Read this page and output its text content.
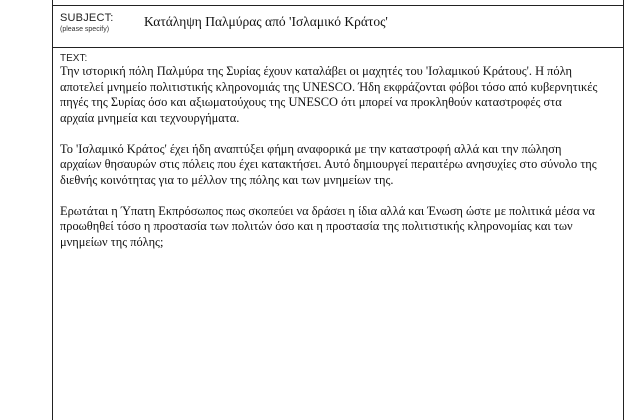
SUBJECT:
(please specify)
Κατάληψη Παλμύρας από 'Ισλαμικό Κράτος'
TEXT:
Την ιστορική πόλη Παλμύρα της Συρίας έχουν καταλάβει οι μαχητές του 'Ισλαμικού Κράτους'. Η πόλη
αποτελεί μνημείο πολιτιστικής κληρονομιάς της UNESCO. Ήδη εκφράζονται φόβοι τόσο από κυβερνητικές
πηγές της Συρίας όσο και αξιωματούχους της UNESCO ότι μπορεί να προκληθούν καταστροφές στα
αρχαία μνημεία και τεχνουργήματα.
Το 'Ισλαμικό Κράτος' έχει ήδη αναπτύξει φήμη αναφορικά με την καταστροφή αλλά και την πώληση
αρχαίων θησαυρών στις πόλεις που έχει κατακτήσει. Αυτό δημιουργεί περαιτέρω ανησυχίες στο σύνολο της
διεθνής κοινότητας για το μέλλον της πόλης και των μνημείων της.
Ερωτάται η Ύπατη Εκπρόσωπος πως σκοπεύει να δράσει η ίδια αλλά και Ένωση ώστε με πολιτικά μέσα να
προωθηθεί τόσο η προστασία των πολιτών όσο και η προστασία της πολιτιστικής κληρονομίας και των
μνημείων της πόλης;
